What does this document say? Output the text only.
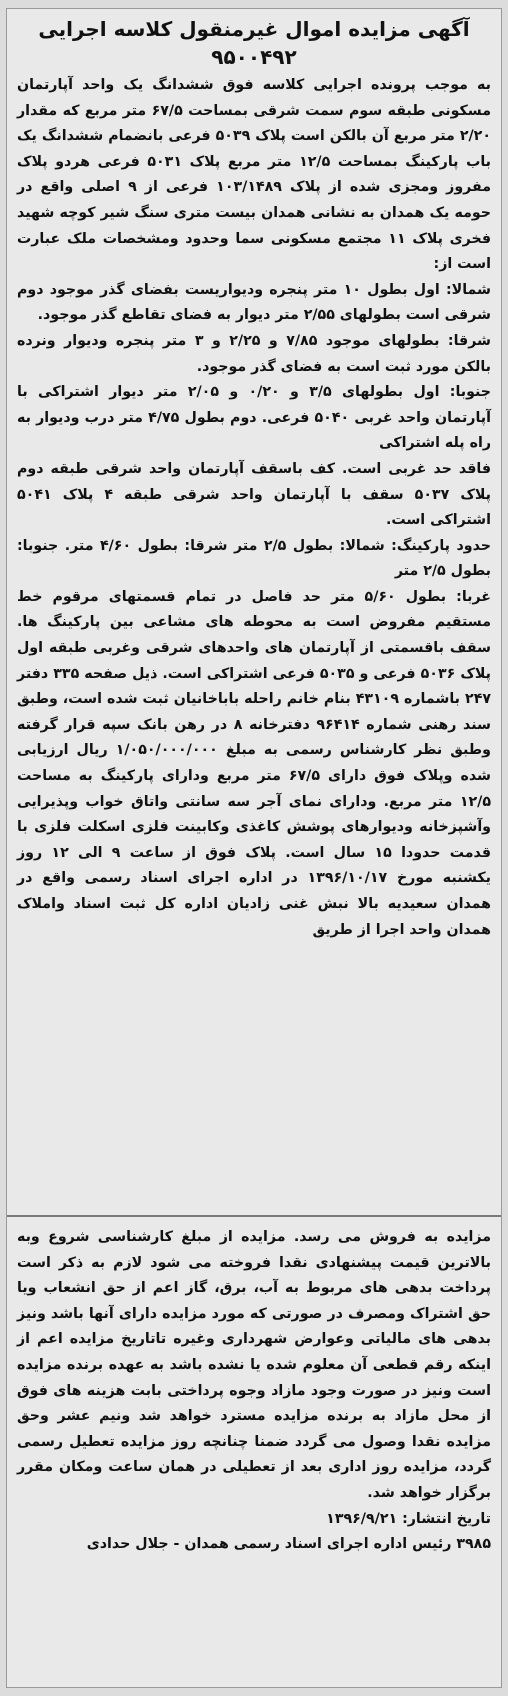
آگهی مزایده اموال غیرمنقول کلاسه اجرایی
۹۵۰۰۴۹۲

به موجب پرونده اجرایی کلاسه فوق ششدانگ یک واحد آپارتمان مسکونی طبقه سوم سمت شرقی بمساحت ۶۷/۵ متر مربع که مقدار ۲/۲۰ متر مربع آن بالکن است پلاک ۵۰۳۹ فرعی بانضمام ششدانگ یک باب پارکینگ بمساحت ۱۲/۵ متر مربع پلاک ۵۰۳۱ فرعی هردو پلاک مفروز ومجزی شده از پلاک ۱۰۳/۱۴۸۹ فرعی از ۹ اصلی واقع در حومه یک همدان به نشانی همدان بیست متری سنگ شیر کوچه شهید فخری پلاک ۱۱ مجتمع مسکونی سما وحدود ومشخصات ملک عبارت است از:

شمالا: اول بطول ۱۰ متر پنجره ودیواریست بفضای گذر موجود دوم شرقی است بطولهای ۲/۵۵ متر دیوار به فضای تقاطع گذر موجود.

شرقا: بطولهای موجود ۷/۸۵ و ۲/۲۵ و ۳ متر پنجره ودیوار ونرده بالکن مورد ثبت است به فضای گذر موجود.

جنوبا: اول بطولهای ۳/۵ و ۰/۲۰ و ۲/۰۵ متر دیوار اشتراکی با آپارتمان واحد غربی ۵۰۴۰ فرعی. دوم بطول ۴/۷۵ متر درب ودیوار به راه پله اشتراکی

فاقد حد غربی است. کف باسقف آپارتمان واحد شرقی طبقه دوم پلاک ۵۰۳۷ سقف با آپارتمان واحد شرقی طبقه ۴ پلاک ۵۰۴۱ اشتراکی است.

حدود پارکینگ: شمالا: بطول ۲/۵ متر شرقا: بطول ۴/۶۰ متر. جنوبا: بطول ۲/۵ متر

غربا: بطول ۵/۶۰ متر حد فاصل در تمام قسمتهای مرقوم خط مستقیم مفروض است به محوطه های مشاعی بین پارکینگ ها. سقف باقسمتی از آپارتمان های واحدهای شرقی وغربی طبقه اول پلاک ۵۰۳۶ فرعی و ۵۰۳۵ فرعی اشتراکی است. ذیل صفحه ۳۳۵ دفتر ۲۴۷ باشماره ۴۳۱۰۹ بنام خانم راحله باباخانیان ثبت شده است، وطبق سند رهنی شماره ۹۶۴۱۴ دفترخانه ۸ در رهن بانک سپه قرار گرفته وطبق نظر کارشناس رسمی به مبلغ ۱/۰۵۰/۰۰۰/۰۰۰ ریال ارزیابی شده وپلاک فوق دارای ۶۷/۵ متر مربع ودارای پارکینگ به مساحت ۱۲/۵ متر مربع. ودارای نمای آجر سه سانتی واتاق خواب وپذیرایی وآشپزخانه ودیوارهای پوشش کاغذی وکابینت فلزی اسکلت فلزی با قدمت حدودا ۱۵ سال است. پلاک فوق از ساعت ۹ الی ۱۲ روز یکشنبه مورخ ۱۳۹۶/۱۰/۱۷ در اداره اجرای اسناد رسمی واقع در همدان سعیدیه بالا نبش غنی زادیان اداره کل ثبت اسناد واملاک همدان واحد اجرا از طریق

مزایده به فروش می رسد. مزایده از مبلغ کارشناسی شروع وبه بالاترین قیمت پیشنهادی نقدا فروخته می شود لازم به ذکر است پرداخت بدهی های مربوط به آب، برق، گاز اعم از حق انشعاب ویا حق اشتراک ومصرف در صورتی که مورد مزایده دارای آنها باشد ونیز بدهی های مالیاتی وعوارض شهرداری وغیره تاتاریخ مزایده اعم از اینکه رقم قطعی آن معلوم شده یا نشده باشد به عهده برنده مزایده است ونیز در صورت وجود مازاد وجوه پرداختی بابت هزینه های فوق از محل مازاد به برنده مزایده مسترد خواهد شد ونیم عشر وحق مزایده نقدا وصول می گردد ضمنا چنانچه روز مزایده تعطیل رسمی گردد، مزایده روز اداری بعد از تعطیلی در همان ساعت ومکان مقرر برگزار خواهد شد.

تاریخ انتشار: ۱۳۹۶/۹/۲۱

۳۹۸۵ رئیس اداره اجرای اسناد رسمی همدان - جلال حدادی
